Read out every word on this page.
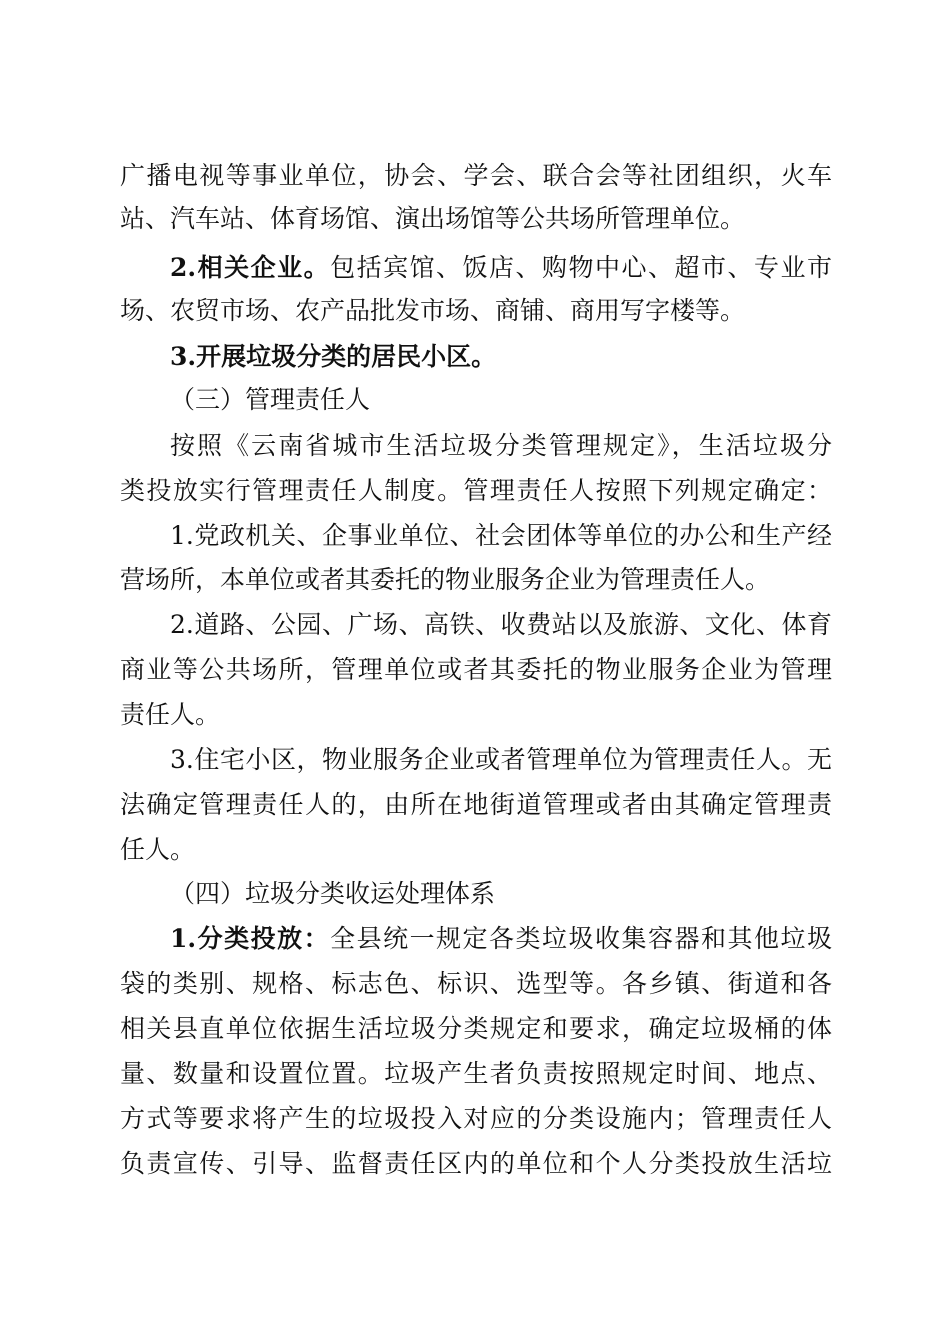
广播电视等事业单位，协会、学会、联合会等社团组织，火车
站、汽车站、体育场馆、演出场馆等公共场所管理单位。
2.相关企业。包括宾馆、饭店、购物中心、超市、专业市
场、农贸市场、农产品批发市场、商铺、商用写字楼等。
3.开展垃圾分类的居民小区。
（三）管理责任人
按照《云南省城市生活垃圾分类管理规定》，生活垃圾分
类投放实行管理责任人制度。管理责任人按照下列规定确定：
1.党政机关、企事业单位、社会团体等单位的办公和生产经
营场所，本单位或者其委托的物业服务企业为管理责任人。
2.道路、公园、广场、高铁、收费站以及旅游、文化、体育
商业等公共场所，管理单位或者其委托的物业服务企业为管理
责任人。
3.住宅小区，物业服务企业或者管理单位为管理责任人。无
法确定管理责任人的，由所在地街道管理或者由其确定管理责
任人。
（四）垃圾分类收运处理体系
1.分类投放：全县统一规定各类垃圾收集容器和其他垃圾
袋的类别、规格、标志色、标识、选型等。各乡镇、街道和各
相关县直单位依据生活垃圾分类规定和要求，确定垃圾桶的体
量、数量和设置位置。垃圾产生者负责按照规定时间、地点、
方式等要求将产生的垃圾投入对应的分类设施内；管理责任人
负责宣传、引导、监督责任区内的单位和个人分类投放生活垃
